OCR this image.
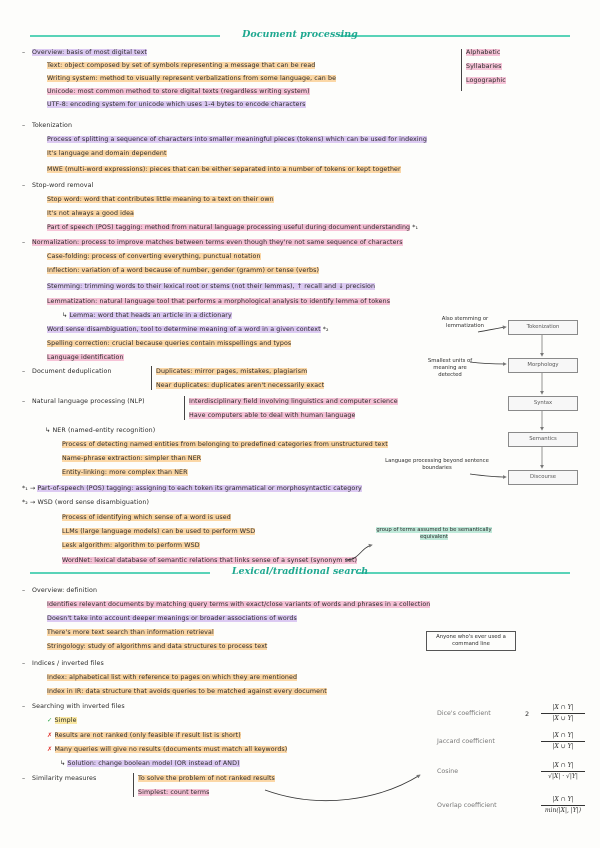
Document processing
– Overview: basis of most digital text
Text: object composed by set of symbols representing a message that can be read
Writing system: method to visually represent verbalizations from some language, can be
Unicode: most common method to store digital texts (regardless writing system)
UTF-8: encoding system for unicode which uses 1-4 bytes to encode characters
Alphabetic
Syllabaries
Logographic
– Tokenization
Process of splitting a sequence of characters into smaller meaningful pieces (tokens) which can be used for indexing
It's language and domain dependent
MWE (multi-word expressions): pieces that can be either separated into a number of tokens or kept together
– Stop-word removal
Stop word: word that contributes little meaning to a text on their own
It's not always a good idea
Part of speech (POS) tagging: method from natural language processing useful during document understanding *₁
– Normalization: process to improve matches between terms even though they're not same sequence of characters
Case-folding: process of converting everything, punctual notation
Inflection: variation of a word because of number, gender (gramm) or tense (verbs)
Stemming: trimming words to their lexical root or stems (not their lemmas), ↑ recall and ↓ precision
Lemmatization: natural language tool that performs a morphological analysis to identify lemma of tokens
↳ Lemma: word that heads an article in a dictionary
Word sense disambiguation, tool to determine meaning of a word in a given context *₂
Spelling correction: crucial because queries contain misspellings and typos
Language identification
– Document deduplication	Duplicates: mirror pages, mistakes, plagiarism
Near duplicates: duplicates aren't necessarily exact
– Natural language processing (NLP)	Interdisciplinary field involving linguistics and computer science
Have computers able to deal with human language
↳ NER (named-entity recognition)
Process of detecting named entities from belonging to predefined categories from unstructured text
Name-phrase extraction: simpler than NER
Entity-linking: more complex than NER
*₁ → Part-of-speech (POS) tagging: assigning to each token its grammatical or morphosyntactic category
*₂ → WSD (word sense disambiguation)
Process of identifying which sense of a word is used
LLMs (large language models) can be used to perform WSD
Lesk algorithm: algorithm to perform WSD
WordNet: lexical database of semantic relations that links sense of a synset (synonym set)
Tokenization
Morphology
Syntax
Semantics
Discourse
Also stemming or lemmatization
Smallest units of meaning are detected
Language processing beyond sentence boundaries
group of terms assumed to be semantically equivalent
Lexical/traditional search
– Overview: definition
Identifies relevant documents by matching query terms with exact/close variants of words and phrases in a collection
Doesn't take into account deeper meanings or broader associations of words
There's more text search than information retrieval
Stringology: study of algorithms and data structures to process text
Anyone who's ever used a command line
– Indices / inverted files
Index: alphabetical list with reference to pages on which they are mentioned
Index in IR: data structure that avoids queries to be matched against every document
– Searching with inverted files
✓ Simple
✗ Results are not ranked (only feasible if result list is short)
✗ Many queries will give no results (documents must match all keywords)
↳ Solution: change boolean model (OR instead of AND)
– Similarity measures	To solve the problem of not ranked results
Simplest: count terms
Dice's coefficient	2
|X ∩ Y|
|X ∪ Y|
Jaccard coefficient
|X ∩ Y|
|X ∪ Y|
Cosine
|X ∩ Y|
√|X| · √|Y|
Overlap coefficient
|X ∩ Y|
min(|X|, |Y|)
